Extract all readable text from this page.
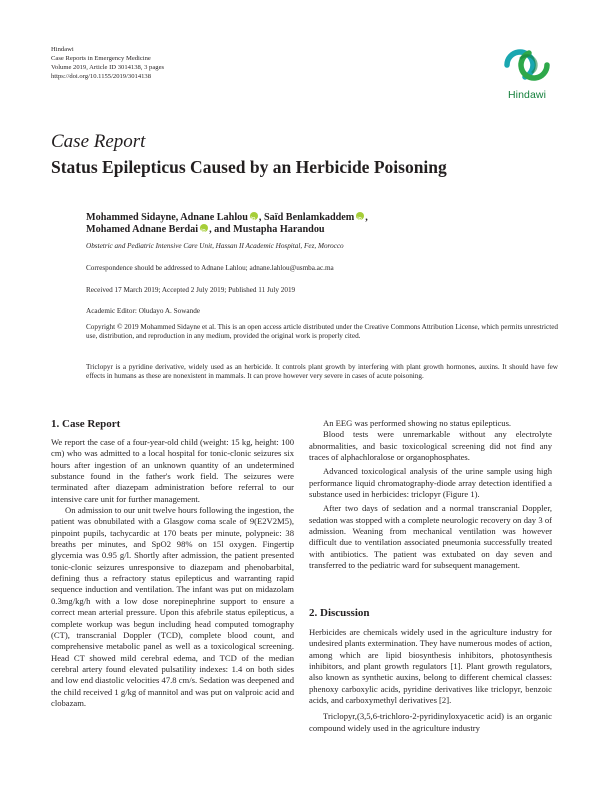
Hindawi
Case Reports in Emergency Medicine
Volume 2019, Article ID 3014138, 3 pages
https://doi.org/10.1155/2019/3014138
Hindawi
Case Report
Status Epilepticus Caused by an Herbicide Poisoning
Mohammed Sidayne, Adnane Lahlou iD , Saïd Benlamkaddem iD ,
Mohamed Adnane Berdai iD , and Mustapha Harandou
Obstetric and Pediatric Intensive Care Unit, Hassan II Academic Hospital, Fez, Morocco
Correspondence should be addressed to Adnane Lahlou; adnane.lahlou@usmba.ac.ma
Received 17 March 2019; Accepted 2 July 2019; Published 11 July 2019
Academic Editor: Oludayo A. Sowande
Copyright © 2019 Mohammed Sidayne et al. This is an open access article distributed under the Creative Commons Attribution License, which permits unrestricted use, distribution, and reproduction in any medium, provided the original work is properly cited.
Triclopyr is a pyridine derivative, widely used as an herbicide. It controls plant growth by interfering with plant growth hormones, auxins. It should have few effects in humans as these are nonexistent in mammals. It can prove however very severe in cases of acute poisoning.
1. Case Report

We report the case of a four-year-old child (weight: 15 kg, height: 100 cm) who was admitted to a local hospital for tonic-clonic seizures six hours after ingestion of an unknown quantity of an undetermined substance found in the father's work field. The seizures were terminated after diazepam administration before referral to our intensive care unit for further management.

On admission to our unit twelve hours following the ingestion, the patient was obnubilated with a Glasgow coma scale of 9(E2V2M5), pinpoint pupils, tachycardic at 170 beats per minute, polypneic: 38 breaths per minutes, and SpO2 98% on 15l oxygen. Fingertip glycemia was 0.95 g/l. Shortly after admission, the patient presented tonic-clonic seizures unresponsive to diazepam and phenobarbital, defining thus a refractory status epilepticus and warranting rapid sequence induction and ventilation. The infant was put on midazolam 0.3mg/kg/h with a low dose norepinephrine support to ensure a correct mean arterial pressure. Upon this afebrile status epilepticus, a complete workup was begun including head computed tomography (CT), transcranial Doppler (TCD), complete blood count, and comprehensive metabolic panel as well as a toxicological screening. Head CT showed mild cerebral edema, and TCD of the median cerebral artery found elevated pulsatility indexes: 1.4 on both sides and low end diastolic velocities 47.8 cm/s. Sedation was deepened and the child received 1 g/kg of mannitol and was put on valproic acid and clobazam.

An EEG was performed showing no status epilepticus.

Blood tests were unremarkable without any electrolyte abnormalities, and basic toxicological screening did not find any traces of alphachloralose or organophosphates.

Advanced toxicological analysis of the urine sample using high performance liquid chromatography-diode array detection identified a substance used in herbicides: triclopyr (Figure 1).

After two days of sedation and a normal transcranial Doppler, sedation was stopped with a complete neurologic recovery on day 3 of admission. Weaning from mechanical ventilation was however difficult due to ventilation associated pneumonia successfully treated with antibiotics. The patient was extubated on day seven and transferred to the pediatric ward for subsequent management.

2. Discussion

Herbicides are chemicals widely used in the agriculture industry for undesired plants extermination. They have numerous modes of action, among which are lipid biosynthesis inhibitors, photosynthesis inhibitors, and plant growth regulators [1]. Plant growth regulators, also known as synthetic auxins, belong to different chemical classes: phenoxy carboxylic acids, pyridine derivatives like triclopyr, benzoic acids, and carboxymethyl derivatives [2].

Triclopyr,(3,5,6-trichloro-2-pyridinyloxyacetic acid) is an organic compound widely used in the agriculture industry
